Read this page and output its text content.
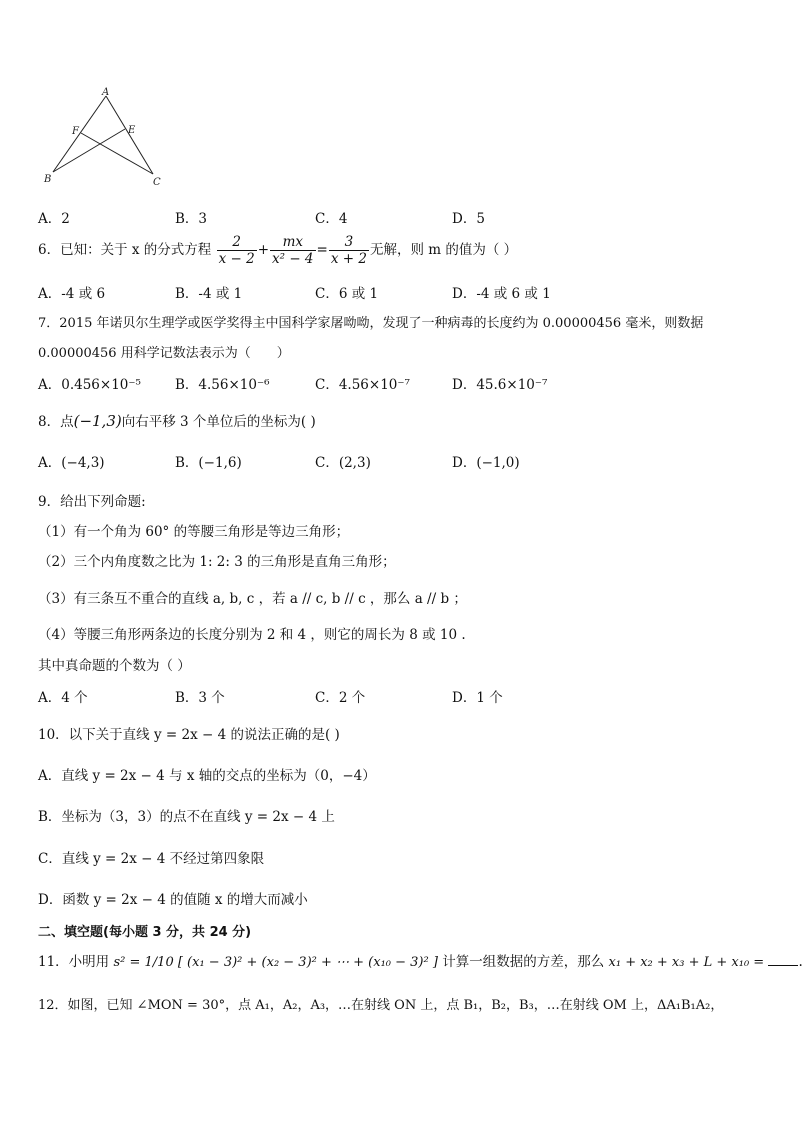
A
F	E
B	C
A．2	B．3	C．4	D．5
6．已知：关于 x 的分式方程 $\frac{2}{x - 2} + \frac{mx}{\text{x² − 4}} = \frac{3}{x + 2}$ 无解，则 m 的值为（ ）
A．-4 或 6	B．-4 或 1	C．6 或 1	D．-4 或 6 或 1
7．2015 年诺贝尔生理学或医学奖得主中国科学家屠呦呦，发现了一种病毒的长度约为 0.00000456 毫米，则数据
0.00000456 用科学记数法表示为（　　）
A．0.456×10⁻⁵	B．4.56×10⁻⁶	C．4.56×10⁻⁷	D．45.6×10⁻⁷
8．点(−1,3)向右平移 3 个单位后的坐标为( )
A．(−4,3)	B．(−1,6)	C．(2,3)	D．(−1,0)
9．给出下列命题:
（1）有一个角为 60° 的等腰三角形是等边三角形；
（2）三个内角度数之比为 1: 2: 3 的三角形是直角三角形；
（3）有三条互不重合的直线 a, b, c ，若 a // c, b // c ，那么 a // b ；
（4）等腰三角形两条边的长度分别为 2 和 4 ，则它的周长为 8 或 10 .
其中真命题的个数为（ ）
A．4 个	B．3 个	C．2 个	D．1 个
10．以下关于直线 y = 2x − 4 的说法正确的是( )
A．直线 y = 2x − 4 与 x 轴的交点的坐标为（0，−4）
B．坐标为（3，3）的点不在直线 y = 2x − 4 上
C．直线 y = 2x − 4 不经过第四象限
D．函数 y = 2x − 4 的值随 x 的增大而减小
二、填空题(每小题 3 分，共 24 分)
11．小明用 s² = 1/10 [ (x₁ − 3)² + (x₂ − 3)² + ⋯ + (x₁₀ − 3)² ] 计算一组数据的方差，那么 x₁ + x₂ + x₃ + L + x₁₀ =	.
12．如图，已知 ∠MON = 30°，点 A₁，A₂，A₃，…在射线 ON 上，点 B₁，B₂，B₃，…在射线 OM 上，ΔA₁B₁A₂，
